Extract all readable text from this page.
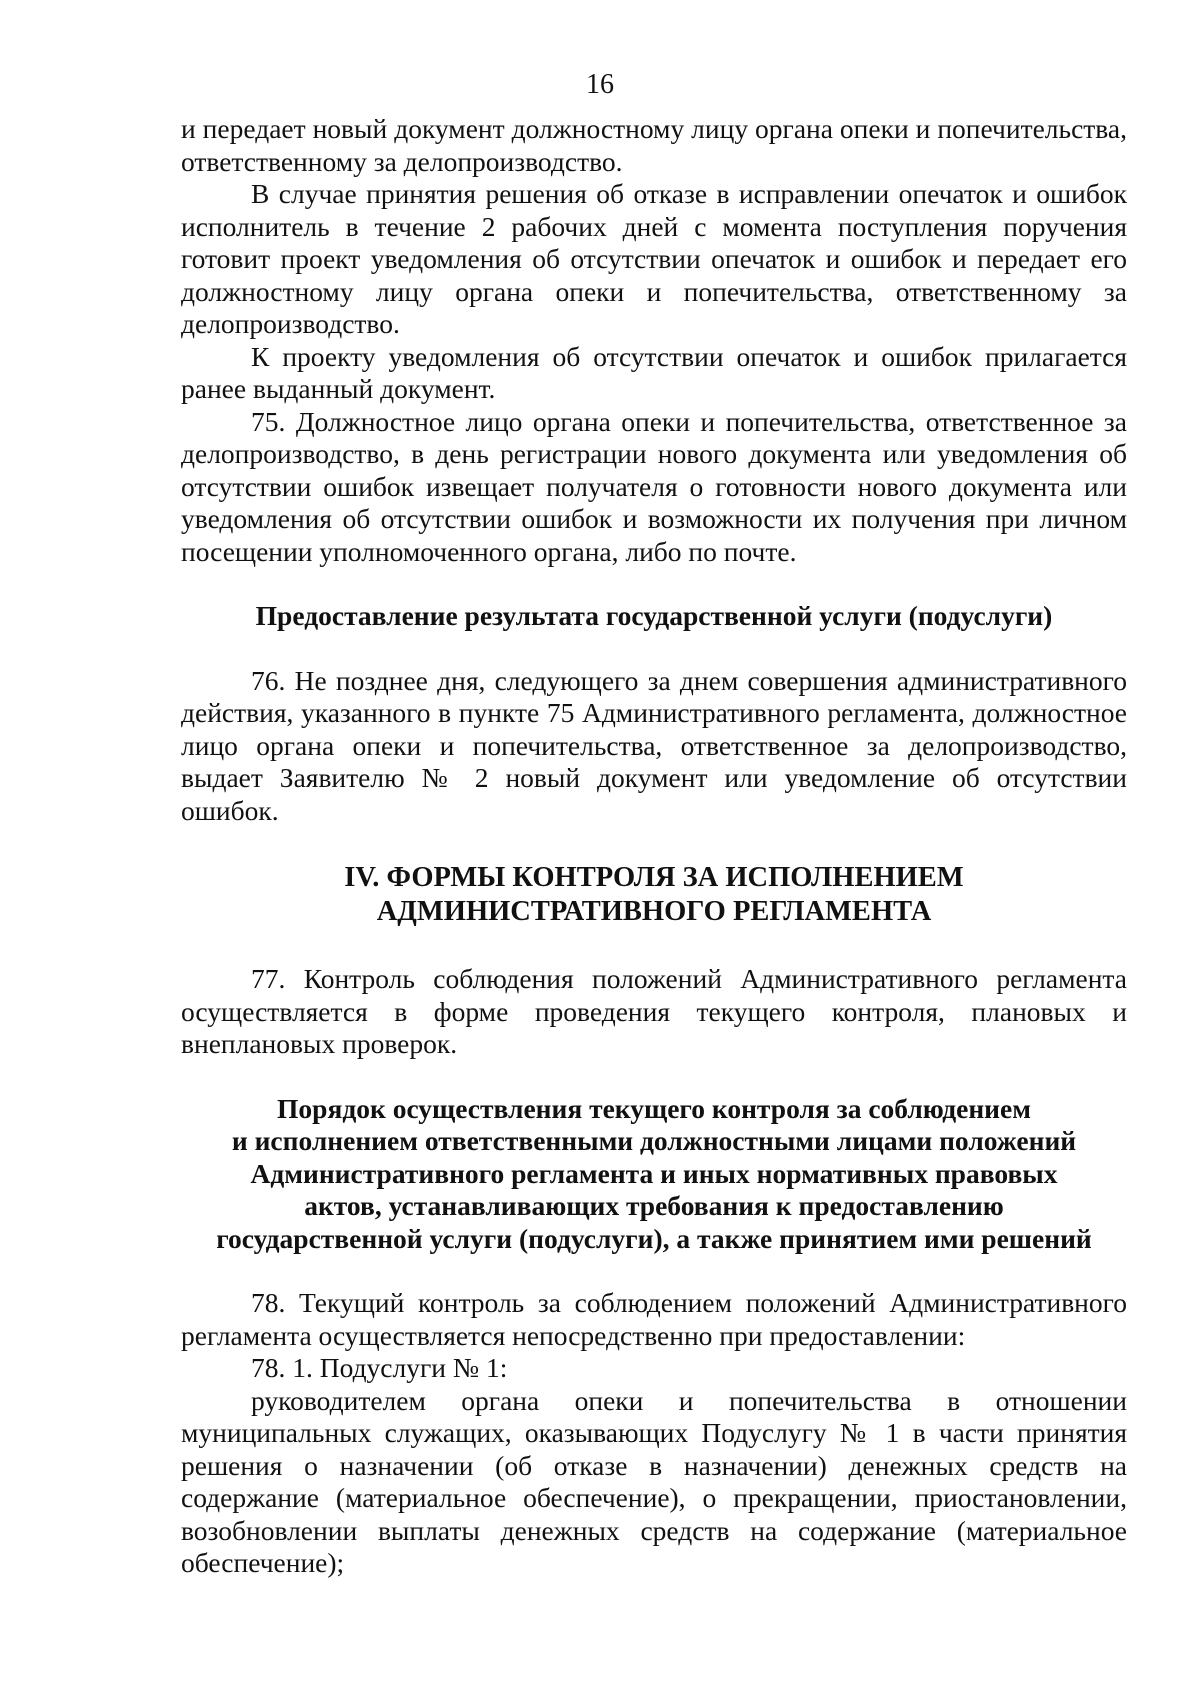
16

и передает новый документ должностному лицу органа опеки и попечительства, ответственному за делопроизводство.

В случае принятия решения об отказе в исправлении опечаток и ошибок исполнитель в течение 2 рабочих дней с момента поступления поручения готовит проект уведомления об отсутствии опечаток и ошибок и передает его должностному лицу органа опеки и попечительства, ответственному за делопроизводство.

К проекту уведомления об отсутствии опечаток и ошибок прилагается ранее выданный документ.

75. Должностное лицо органа опеки и попечительства, ответственное за делопроизводство, в день регистрации нового документа или уведомления об отсутствии ошибок извещает получателя о готовности нового документа или уведомления об отсутствии ошибок и возможности их получения при личном посещении уполномоченного органа, либо по почте.

Предоставление результата государственной услуги (подуслуги)

76. Не позднее дня, следующего за днем совершения административного действия, указанного в пункте 75 Административного регламента, должностное лицо органа опеки и попечительства, ответственное за делопроизводство, выдает Заявителю № 2 новый документ или уведомление об отсутствии ошибок.

IV. ФОРМЫ КОНТРОЛЯ ЗА ИСПОЛНЕНИЕМ

АДМИНИСТРАТИВНОГО РЕГЛАМЕНТА

77. Контроль соблюдения положений Административного регламента осуществляется в форме проведения текущего контроля, плановых и внеплановых проверок.

Порядок осуществления текущего контроля за соблюдением

и исполнением ответственными должностными лицами положений

Административного регламента и иных нормативных правовых

актов, устанавливающих требования к предоставлению

государственной услуги (подуслуги), а также принятием ими решений

78. Текущий контроль за соблюдением положений Административного регламента осуществляется непосредственно при предоставлении:

78. 1. Подуслуги № 1:

руководителем органа опеки и попечительства в отношении муниципальных служащих, оказывающих Подуслугу № 1 в части принятия решения о назначении (об отказе в назначении) денежных средств на содержание (материальное обеспечение), о прекращении, приостановлении, возобновлении выплаты денежных средств на содержание (материальное обеспечение);
